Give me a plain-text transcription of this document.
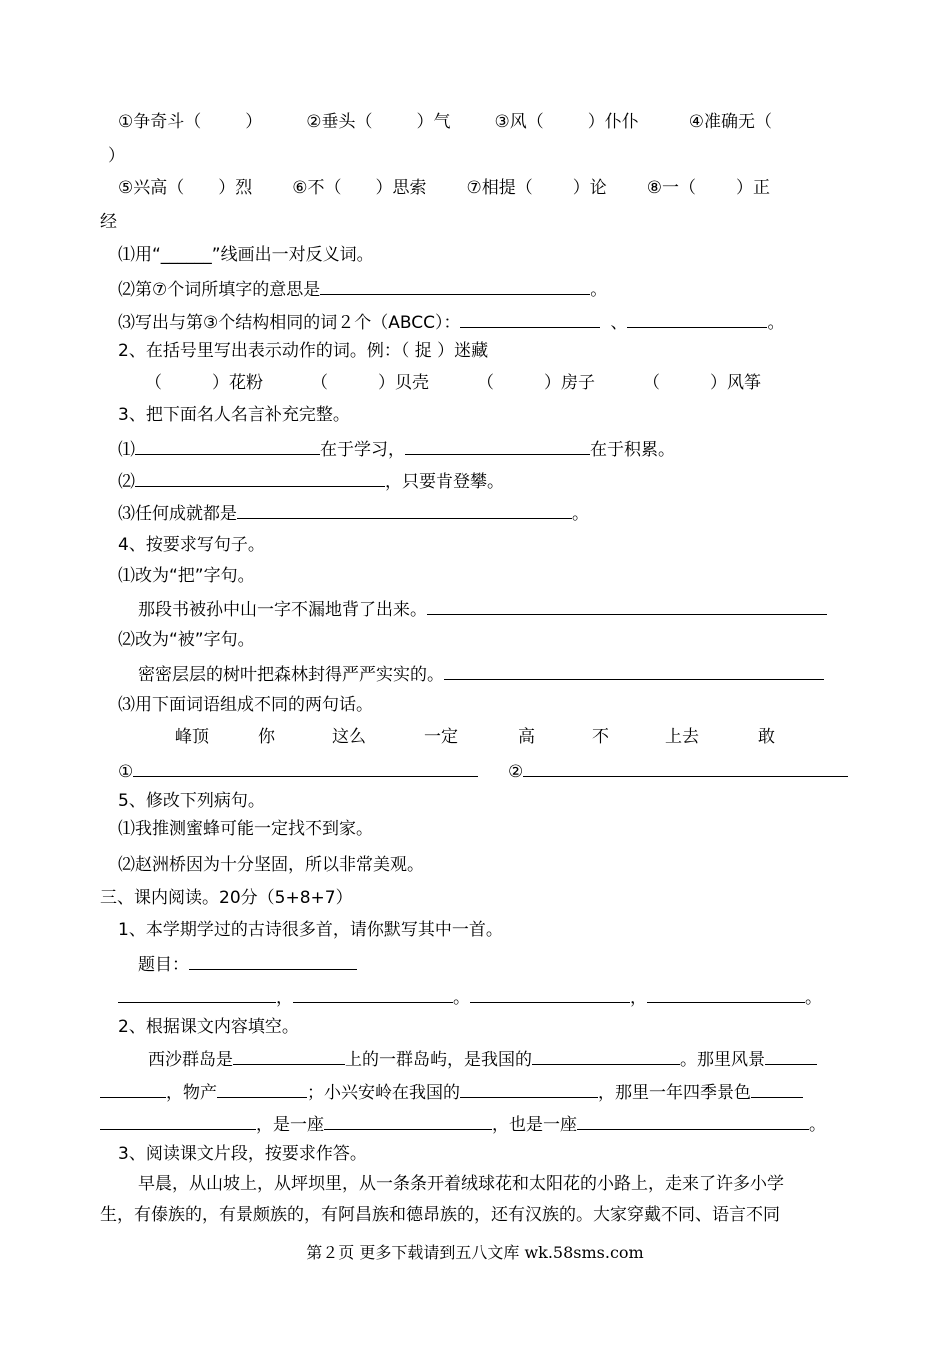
①争奇斗（	）	②垂头（	）气	③风（	）仆仆	④准确无（
）
⑤兴高（ ）烈 ⑥不（ ）思索 ⑦相提（ ）论 ⑧一（ ）正
经
⑴用“______”线画出一对反义词。
⑵第⑦个词所填字的意思是	。
⑶写出与第③个结构相同的词２个（ABCC）：	、	。
2、在括号里写出表示动作的词。例：（ 捉 ）迷藏
（	）花粉	（	）贝壳	（	）房子	（	）风筝
3、把下面名人名言补充完整。
⑴	在于学习，	在于积累。
⑵	，只要肯登攀。
⑶任何成就都是	。
4、按要求写句子。
⑴改为“把”字句。
那段书被孙中山一字不漏地背了出来。
⑵改为“被”字句。
密密层层的树叶把森林封得严严实实的。
⑶用下面词语组成不同的两句话。
峰顶	你	这么	一定	高	不	上去	敢
①	②
5、修改下列病句。
⑴我推测蜜蜂可能一定找不到家。
⑵赵洲桥因为十分坚固，所以非常美观。
三、课内阅读。20分（5+8+7）
1、本学期学过的古诗很多首，请你默写其中一首。
题目：
，	。	，	。
2、根据课文内容填空。
西沙群岛是	上的一群岛屿，是我国的	。那里风景
，物产	；小兴安岭在我国的	，那里一年四季景色
，是一座	，也是一座	。
3、阅读课文片段，按要求作答。
早晨，从山坡上，从坪坝里，从一条条开着绒球花和太阳花的小路上，走来了许多小学
生，有傣族的，有景颇族的，有阿昌族和德昂族的，还有汉族的。大家穿戴不同、语言不同
第２页 更多下载请到五八文库 wk.58sms.com
